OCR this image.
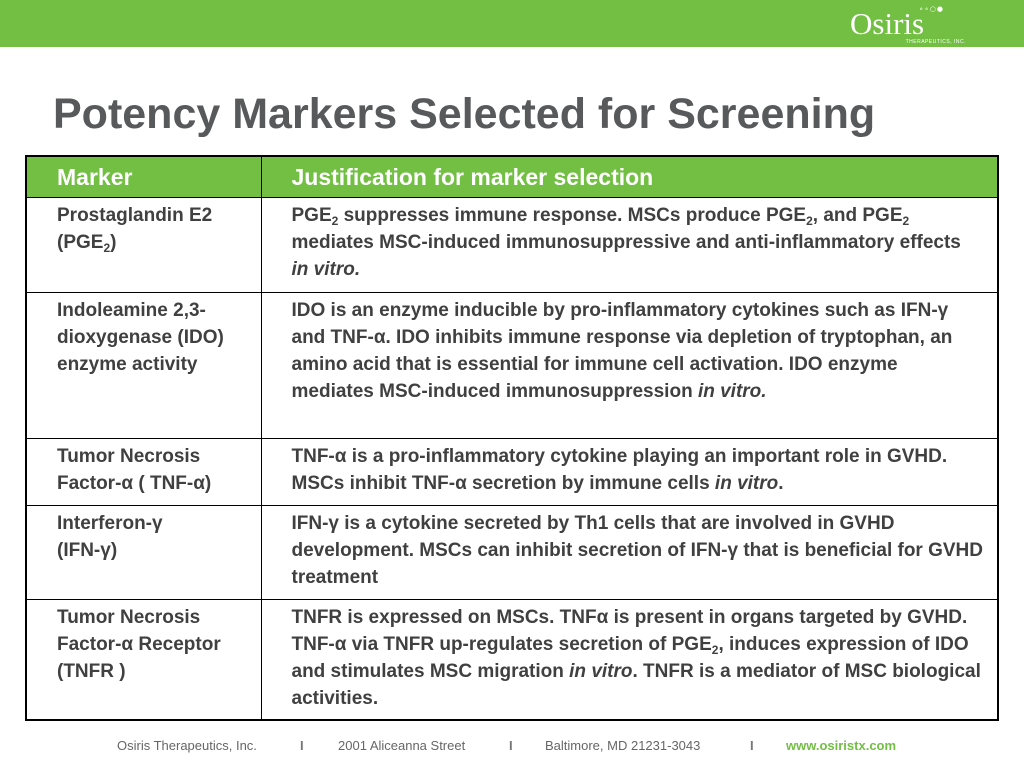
∘∘○●
Osiris
THERAPEUTICS, INC.
Potency Markers Selected for Screening
Marker	Justification for marker selection
Prostaglandin E2
$(PGE_2)$	$PGE_2$ suppresses immune response. MSCs produce $PGE_2$, and $PGE_2$ mediates MSC-induced immunosuppressive and anti-inflammatory effects in vitro.
Indoleamine 2,3-dioxygenase (IDO) enzyme activity	IDO is an enzyme inducible by pro-inflammatory cytokines such as IFN-γ and TNF-α. IDO inhibits immune response via depletion of tryptophan, an amino acid that is essential for immune cell activation. IDO enzyme mediates MSC-induced immunosuppression in vitro.
Tumor Necrosis
Factor-α ( TNF-α)	TNF-α is a pro-inflammatory cytokine playing an important role in GVHD. MSCs inhibit TNF-α secretion by immune cells in vitro.
Interferon-γ
(IFN-γ)	IFN-γ is a cytokine secreted by Th1 cells that are involved in GVHD development. MSCs can inhibit secretion of IFN-γ that is beneficial for GVHD treatment
Tumor Necrosis Factor-α Receptor (TNFR )	TNFR is expressed on MSCs. TNFα is present in organs targeted by GVHD. TNF-α via TNFR up-regulates secretion of $PGE_2$, induces expression of IDO and stimulates MSC migration in vitro. TNFR is a mediator of MSC biological activities.
Osiris Therapeutics, Inc.	I	2001 Aliceanna Street	I Baltimore, MD 21231-3043	I www.osiristx.com
